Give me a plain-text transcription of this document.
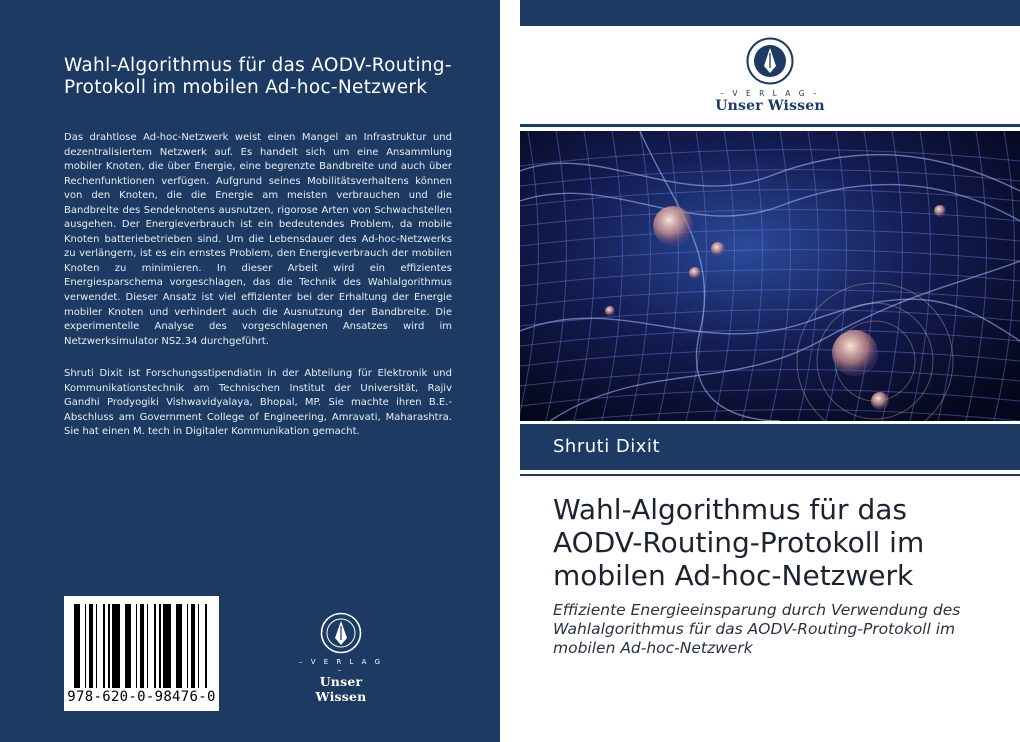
Wahl-Algorithmus für das AODV-Routing-Protokoll im mobilen Ad-hoc-Netzwerk
Das drahtlose Ad-hoc-Netzwerk weist einen Mangel an Infrastruktur und dezentralisiertem Netzwerk auf. Es handelt sich um eine Ansammlung mobiler Knoten, die über Energie, eine begrenzte Bandbreite und auch über Rechenfunktionen verfügen. Aufgrund seines Mobilitätsverhaltens können von den Knoten, die die Energie am meisten verbrauchen und die Bandbreite des Sendeknotens ausnutzen, rigorose Arten von Schwachstellen ausgehen. Der Energieverbrauch ist ein bedeutendes Problem, da mobile Knoten batteriebetrieben sind. Um die Lebensdauer des Ad-hoc-Netzwerks zu verlängern, ist es ein ernstes Problem, den Energieverbrauch der mobilen Knoten zu minimieren. In dieser Arbeit wird ein effizientes Energiesparschema vorgeschlagen, das die Technik des Wahlalgorithmus verwendet. Dieser Ansatz ist viel effizienter bei der Erhaltung der Energie mobiler Knoten und verhindert auch die Ausnutzung der Bandbreite. Die experimentelle Analyse des vorgeschlagenen Ansatzes wird im Netzwerksimulator NS2.34 durchgeführt.
Shruti Dixit ist Forschungsstipendiatin in der Abteilung für Elektronik und Kommunikationstechnik am Technischen Institut der Universität, Rajiv Gandhi Prodyogiki Vishwavidyalaya, Bhopal, MP. Sie machte ihren B.E.-Abschluss am Government College of Engineering, Amravati, Maharashtra. Sie hat einen M. tech in Digitaler Kommunikation gemacht.
978-620-0-98476-0
– V E R L A G –
Unser Wissen
– V E R L A G –
Unser Wissen
Shruti Dixit
Wahl-Algorithmus für das AODV-Routing-Protokoll im mobilen Ad-hoc-Netzwerk
Effiziente Energieeinsparung durch Verwendung des Wahlalgorithmus für das AODV-Routing-Protokoll im mobilen Ad-hoc-Netzwerk
